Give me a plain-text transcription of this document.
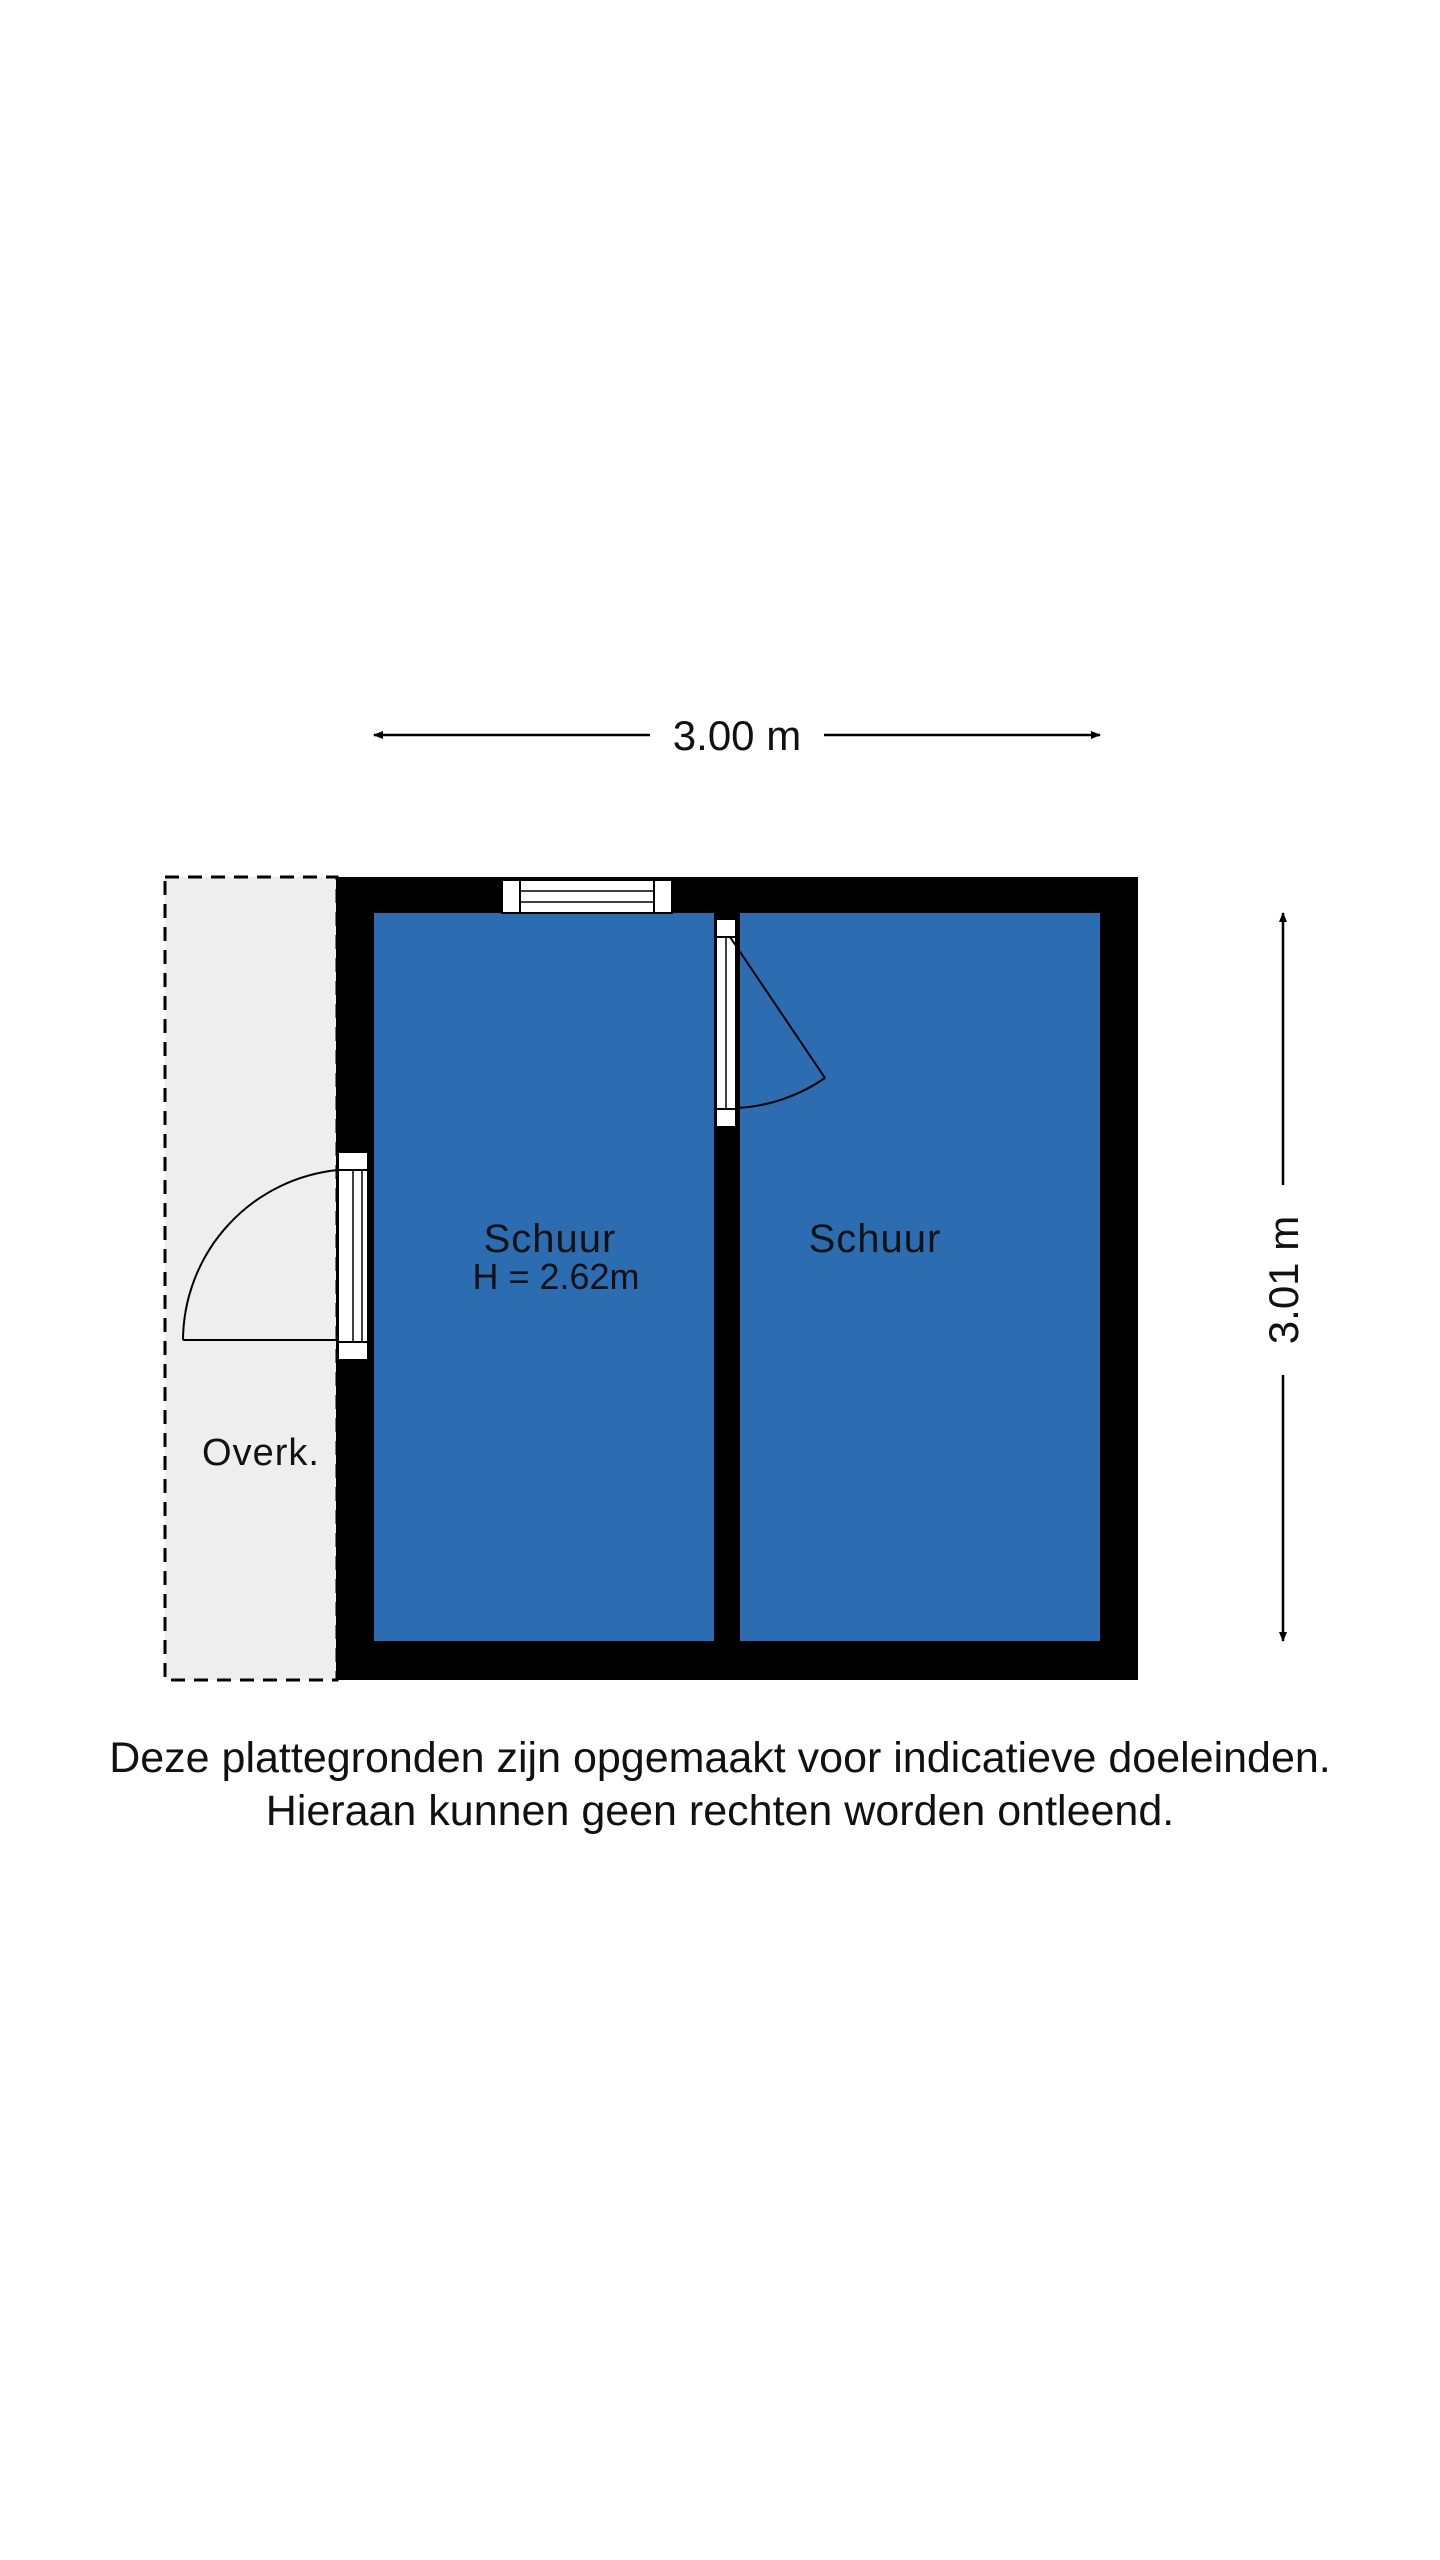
3.00 m
3.01 m
Schuur
H = 2.62m
Schuur
Overk.
Deze plattegronden zijn opgemaakt voor indicatieve doeleinden.
Hieraan kunnen geen rechten worden ontleend.
